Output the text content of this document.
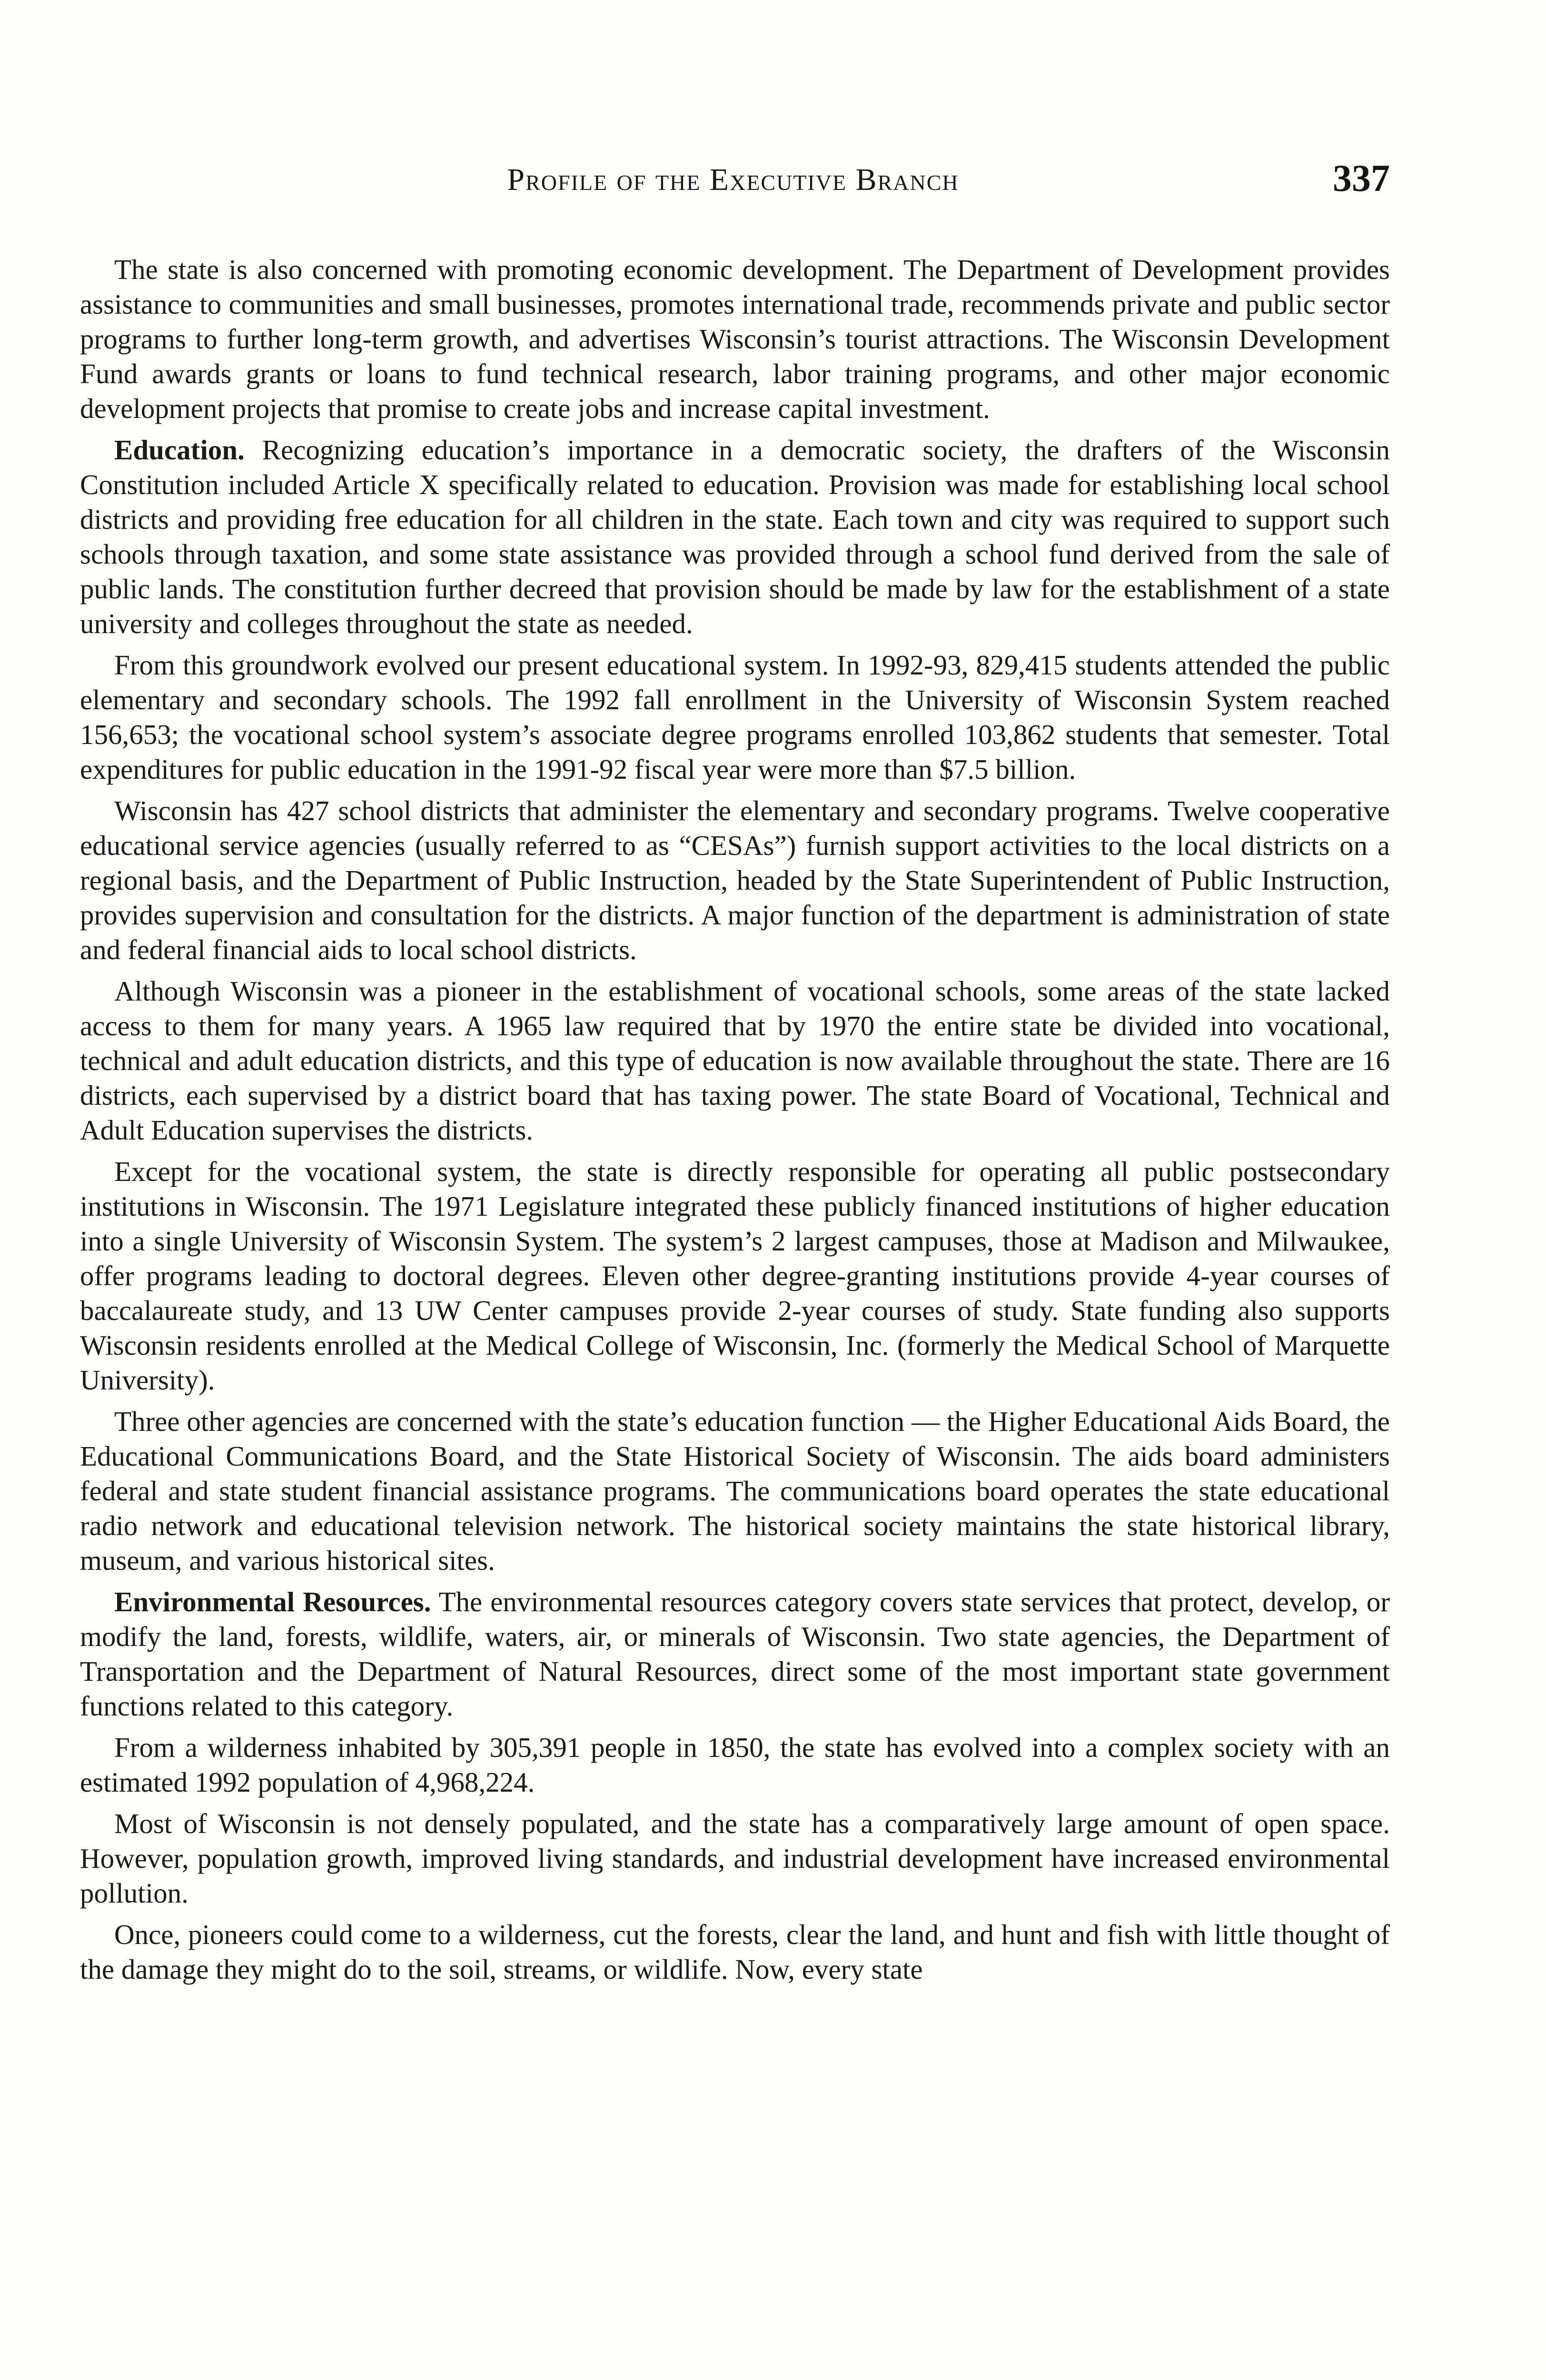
Profile of the Executive Branch	337

The state is also concerned with promoting economic development. The Department of Development provides assistance to communities and small businesses, promotes international trade, recommends private and public sector programs to further long-term growth, and advertises Wisconsin’s tourist attractions. The Wisconsin Development Fund awards grants or loans to fund technical research, labor training programs, and other major economic development projects that promise to create jobs and increase capital investment.

Education. Recognizing education’s importance in a democratic society, the drafters of the Wisconsin Constitution included Article X specifically related to education. Provision was made for establishing local school districts and providing free education for all children in the state. Each town and city was required to support such schools through taxation, and some state assistance was provided through a school fund derived from the sale of public lands. The constitution further decreed that provision should be made by law for the establishment of a state university and colleges throughout the state as needed.

From this groundwork evolved our present educational system. In 1992-93, 829,415 students attended the public elementary and secondary schools. The 1992 fall enrollment in the University of Wisconsin System reached 156,653; the vocational school system’s associate degree programs enrolled 103,862 students that semester. Total expenditures for public education in the 1991-92 fiscal year were more than $7.5 billion.

Wisconsin has 427 school districts that administer the elementary and secondary programs. Twelve cooperative educational service agencies (usually referred to as “CESAs”) furnish support activities to the local districts on a regional basis, and the Department of Public Instruction, headed by the State Superintendent of Public Instruction, provides supervision and consultation for the districts. A major function of the department is administration of state and federal financial aids to local school districts.

Although Wisconsin was a pioneer in the establishment of vocational schools, some areas of the state lacked access to them for many years. A 1965 law required that by 1970 the entire state be divided into vocational, technical and adult education districts, and this type of education is now available throughout the state. There are 16 districts, each supervised by a district board that has taxing power. The state Board of Vocational, Technical and Adult Education supervises the districts.

Except for the vocational system, the state is directly responsible for operating all public postsecondary institutions in Wisconsin. The 1971 Legislature integrated these publicly financed institutions of higher education into a single University of Wisconsin System. The system’s 2 largest campuses, those at Madison and Milwaukee, offer programs leading to doctoral degrees. Eleven other degree-granting institutions provide 4-year courses of baccalaureate study, and 13 UW Center campuses provide 2-year courses of study. State funding also supports Wisconsin residents enrolled at the Medical College of Wisconsin, Inc. (formerly the Medical School of Marquette University).

Three other agencies are concerned with the state’s education function — the Higher Educational Aids Board, the Educational Communications Board, and the State Historical Society of Wisconsin. The aids board administers federal and state student financial assistance programs. The communications board operates the state educational radio network and educational television network. The historical society maintains the state historical library, museum, and various historical sites.

Environmental Resources. The environmental resources category covers state services that protect, develop, or modify the land, forests, wildlife, waters, air, or minerals of Wisconsin. Two state agencies, the Department of Transportation and the Department of Natural Resources, direct some of the most important state government functions related to this category.

From a wilderness inhabited by 305,391 people in 1850, the state has evolved into a complex society with an estimated 1992 population of 4,968,224.

Most of Wisconsin is not densely populated, and the state has a comparatively large amount of open space. However, population growth, improved living standards, and industrial development have increased environmental pollution.

Once, pioneers could come to a wilderness, cut the forests, clear the land, and hunt and fish with little thought of the damage they might do to the soil, streams, or wildlife. Now, every state
